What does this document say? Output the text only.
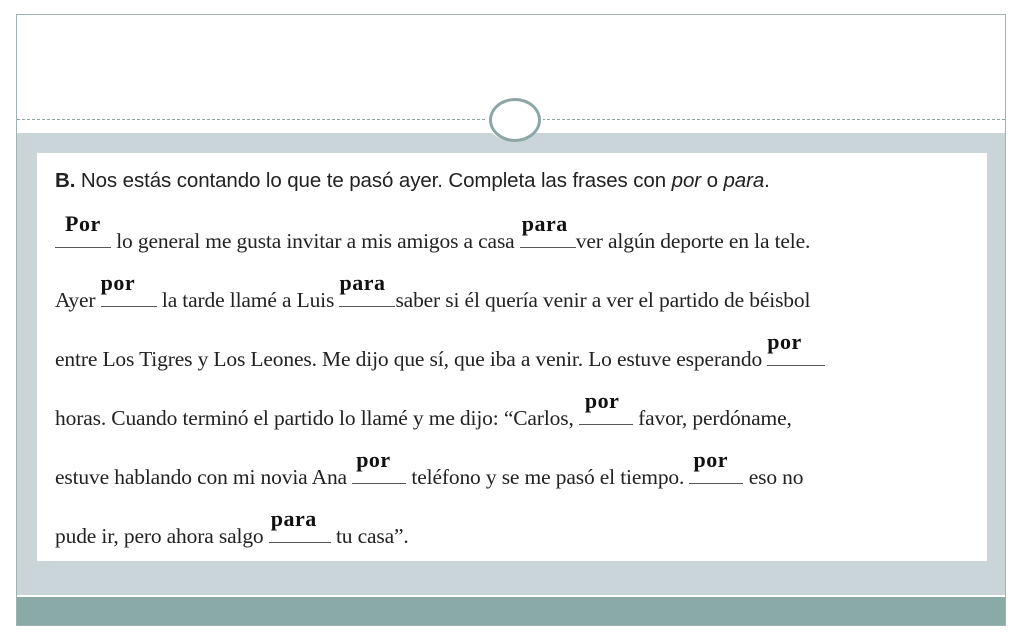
B. Nos estás contando lo que te pasó ayer. Completa las frases con por o para.

Por
lo general me gusta invitar a mis amigos a casa
para
ver algún deporte en la tele.
Ayer
por
la tarde llamé a Luis
para
saber si él quería venir a ver el partido de béisbol
entre Los Tigres y Los Leones. Me dijo que sí, que iba a venir. Lo estuve esperando
por
horas. Cuando terminó el partido lo llamé y me dijo: “Carlos,
por
favor, perdóname,
estuve hablando con mi novia Ana
por
teléfono y se me pasó el tiempo.
por
eso no
pude ir, pero ahora salgo
para
tu casa”.
